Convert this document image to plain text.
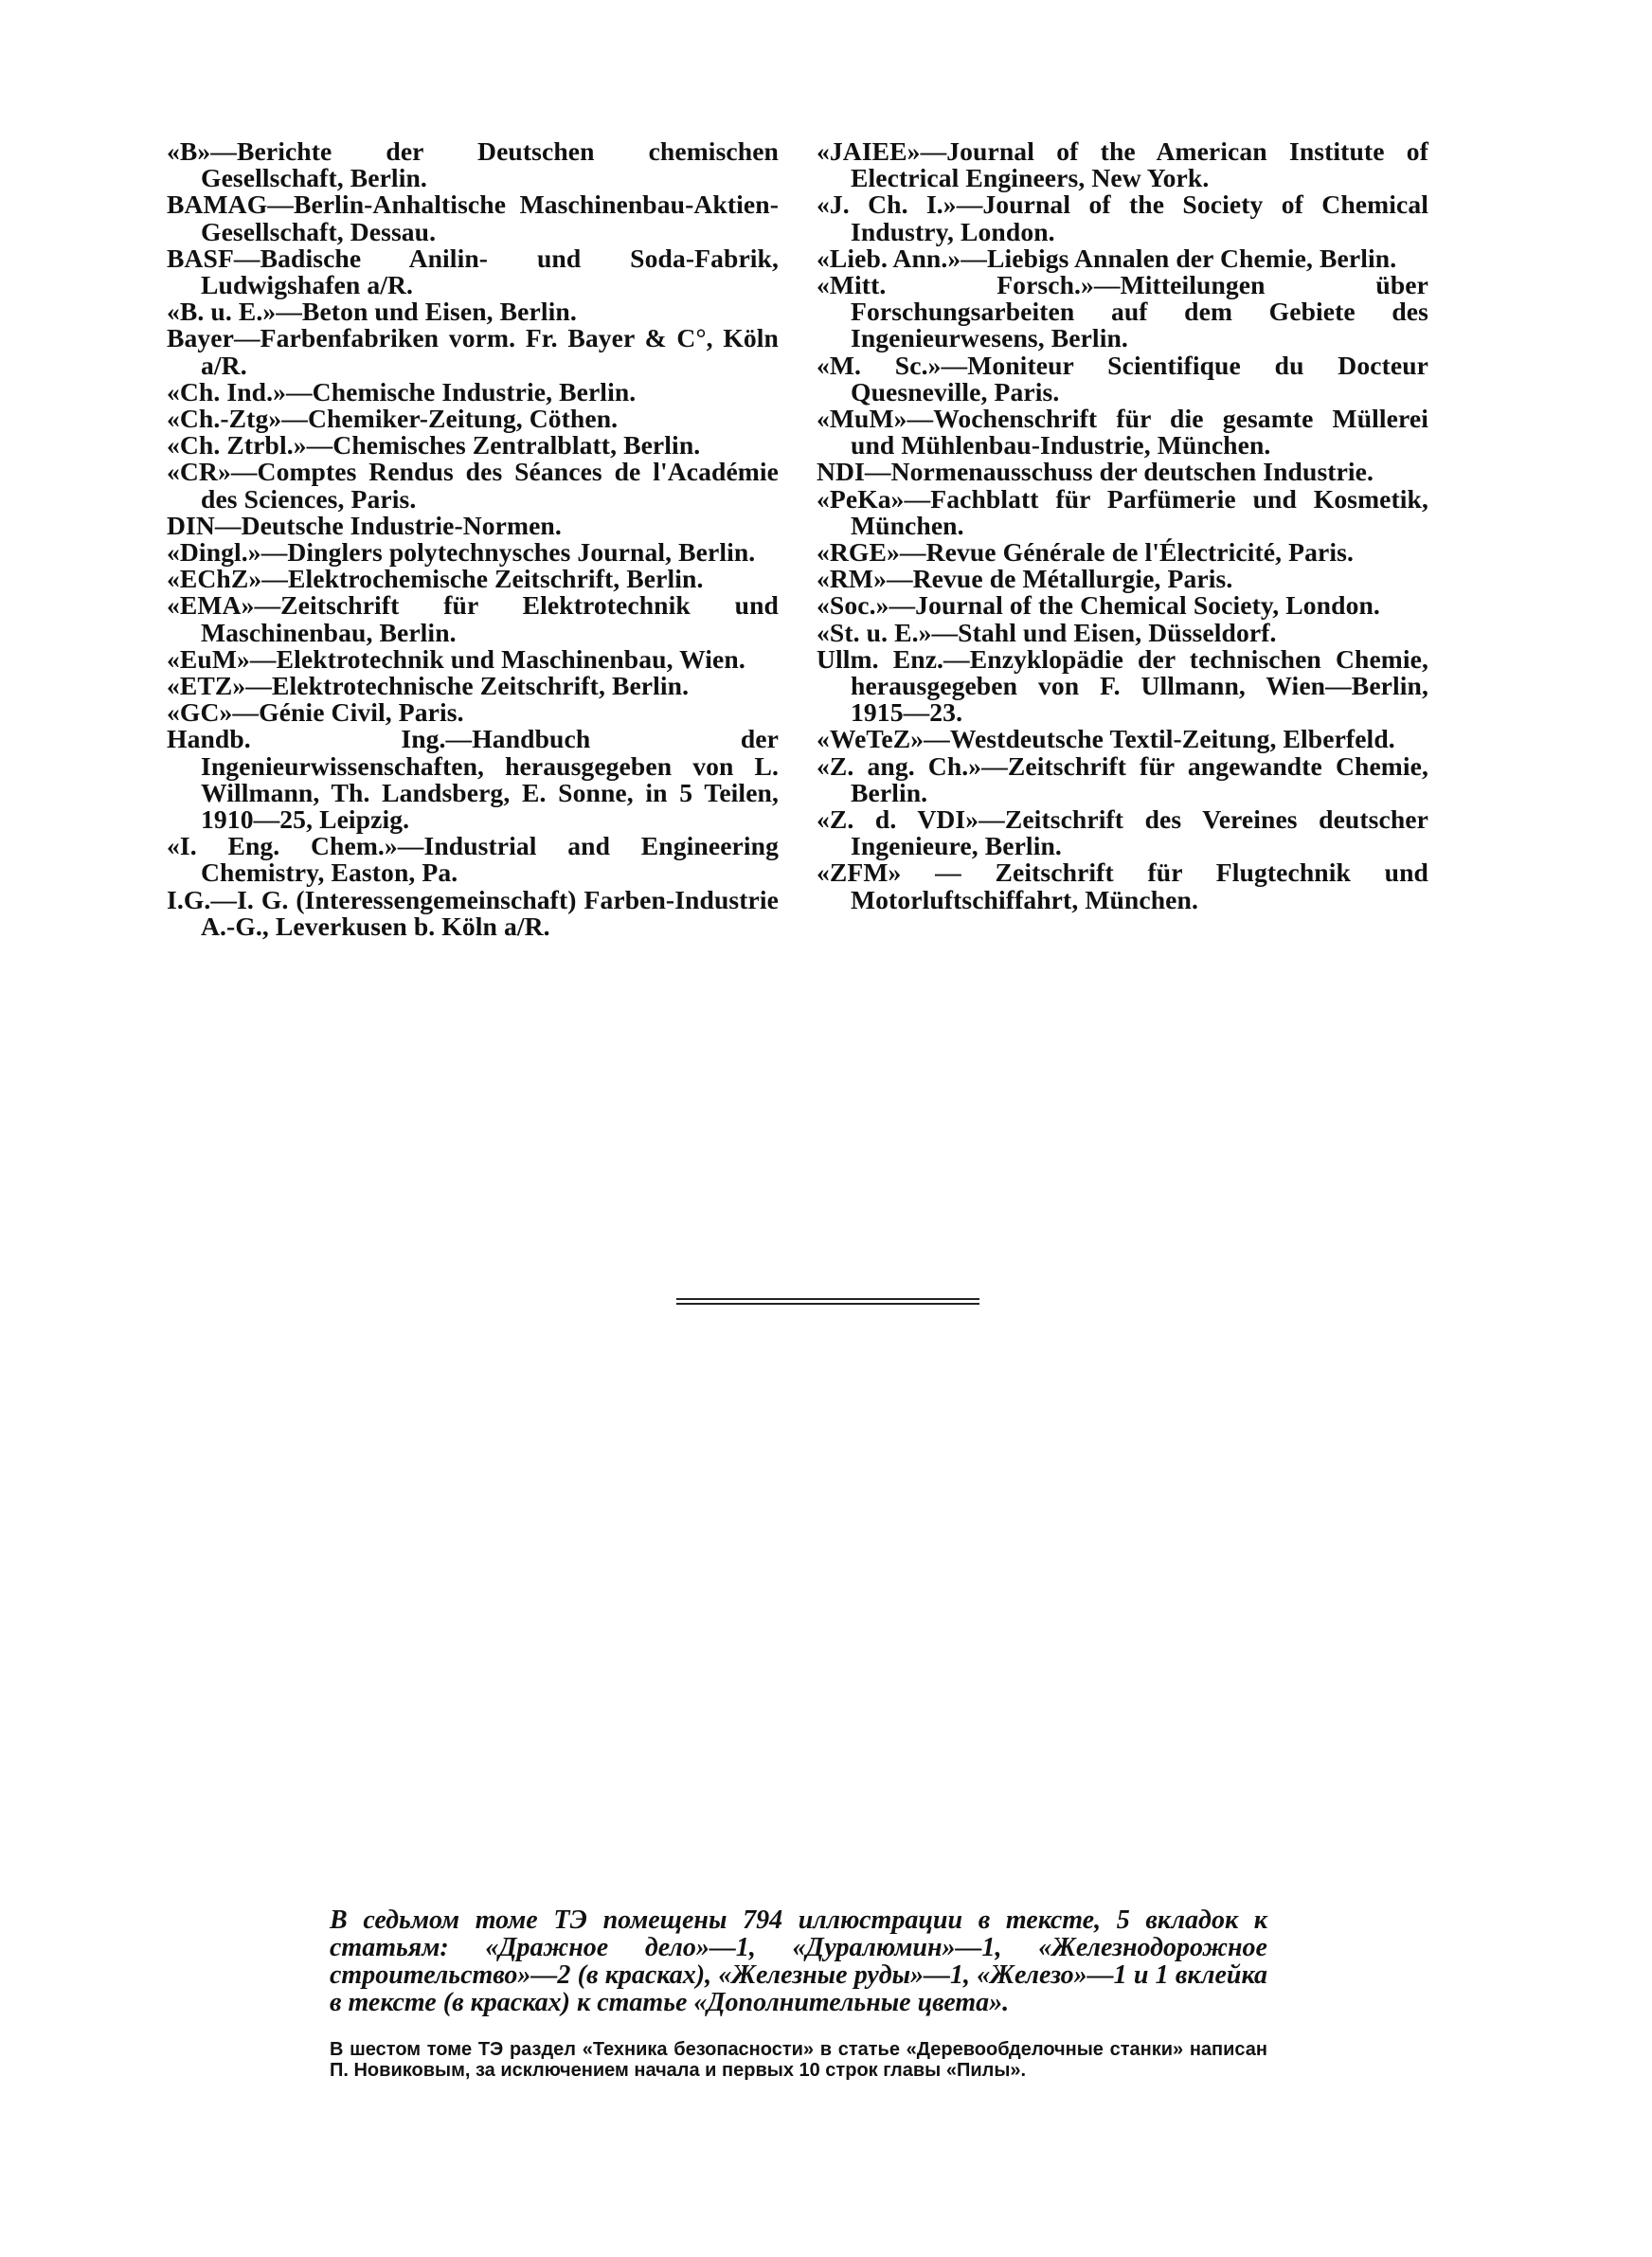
«B»—Berichte der Deutschen chemischen Gesellschaft, Berlin.
BAMAG—Berlin-Anhaltische Maschinenbau-Aktien-Gesellschaft, Dessau.
BASF—Badische Anilin- und Soda-Fabrik, Ludwigshafen a/R.
«B. u. E.»—Beton und Eisen, Berlin.
Bayer—Farbenfabriken vorm. Fr. Bayer & C°, Köln a/R.
«Ch. Ind.»—Chemische Industrie, Berlin.
«Ch.-Ztg»—Chemiker-Zeitung, Cöthen.
«Ch. Ztrbl.»—Chemisches Zentralblatt, Berlin.
«CR»—Comptes Rendus des Séances de l'Académie des Sciences, Paris.
DIN—Deutsche Industrie-Normen.
«Dingl.»—Dinglers polytechnysches Journal, Berlin.
«EChZ»—Elektrochemische Zeitschrift, Berlin.
«EMA»—Zeitschrift für Elektrotechnik und Maschinenbau, Berlin.
«EuM»—Elektrotechnik und Maschinenbau, Wien.
«ETZ»—Elektrotechnische Zeitschrift, Berlin.
«GC»—Génie Civil, Paris.
Handb. Ing.—Handbuch der Ingenieurwissenschaften, herausgegeben von L. Willmann, Th. Landsberg, E. Sonne, in 5 Teilen, 1910—25, Leipzig.
«I. Eng. Chem.»—Industrial and Engineering Chemistry, Easton, Pa.
I.G.—I. G. (Interessengemeinschaft) Farben-Industrie A.-G., Leverkusen b. Köln a/R.
«JAIEE»—Journal of the American Institute of Electrical Engineers, New York.
«J. Ch. I.»—Journal of the Society of Chemical Industry, London.
«Lieb. Ann.»—Liebigs Annalen der Chemie, Berlin.
«Mitt. Forsch.»—Mitteilungen über Forschungsarbeiten auf dem Gebiete des Ingenieurwesens, Berlin.
«M. Sc.»—Moniteur Scientifique du Docteur Quesneville, Paris.
«MuM»—Wochenschrift für die gesamte Müllerei und Mühlenbau-Industrie, München.
NDI—Normenausschuss der deutschen Industrie.
«PeKa»—Fachblatt für Parfümerie und Kosmetik, München.
«RGE»—Revue Générale de l'Électricité, Paris.
«RM»—Revue de Métallurgie, Paris.
«Soc.»—Journal of the Chemical Society, London.
«St. u. E.»—Stahl und Eisen, Düsseldorf.
Ullm. Enz.—Enzyklopädie der technischen Chemie, herausgegeben von F. Ullmann, Wien—Berlin, 1915—23.
«WeTeZ»—Westdeutsche Textil-Zeitung, Elberfeld.
«Z. ang. Ch.»—Zeitschrift für angewandte Chemie, Berlin.
«Z. d. VDI»—Zeitschrift des Vereines deutscher Ingenieure, Berlin.
«ZFM» — Zeitschrift für Flugtechnik und Motorluftschiffahrt, München.

В седьмом томе ТЭ помещены 794 иллюстрации в тексте, 5 вкладок к статьям: «Дражное дело»—1, «Дуралюмин»—1, «Железнодорожное строительство»—2 (в красках), «Железные руды»—1, «Железо»—1 и 1 вклейка в тексте (в красках) к статье «Дополнительные цвета».

В шестом томе ТЭ раздел «Техника безопасности» в статье «Деревообделочные станки» написан П. Новиковым, за исключением начала и первых 10 строк главы «Пилы».
